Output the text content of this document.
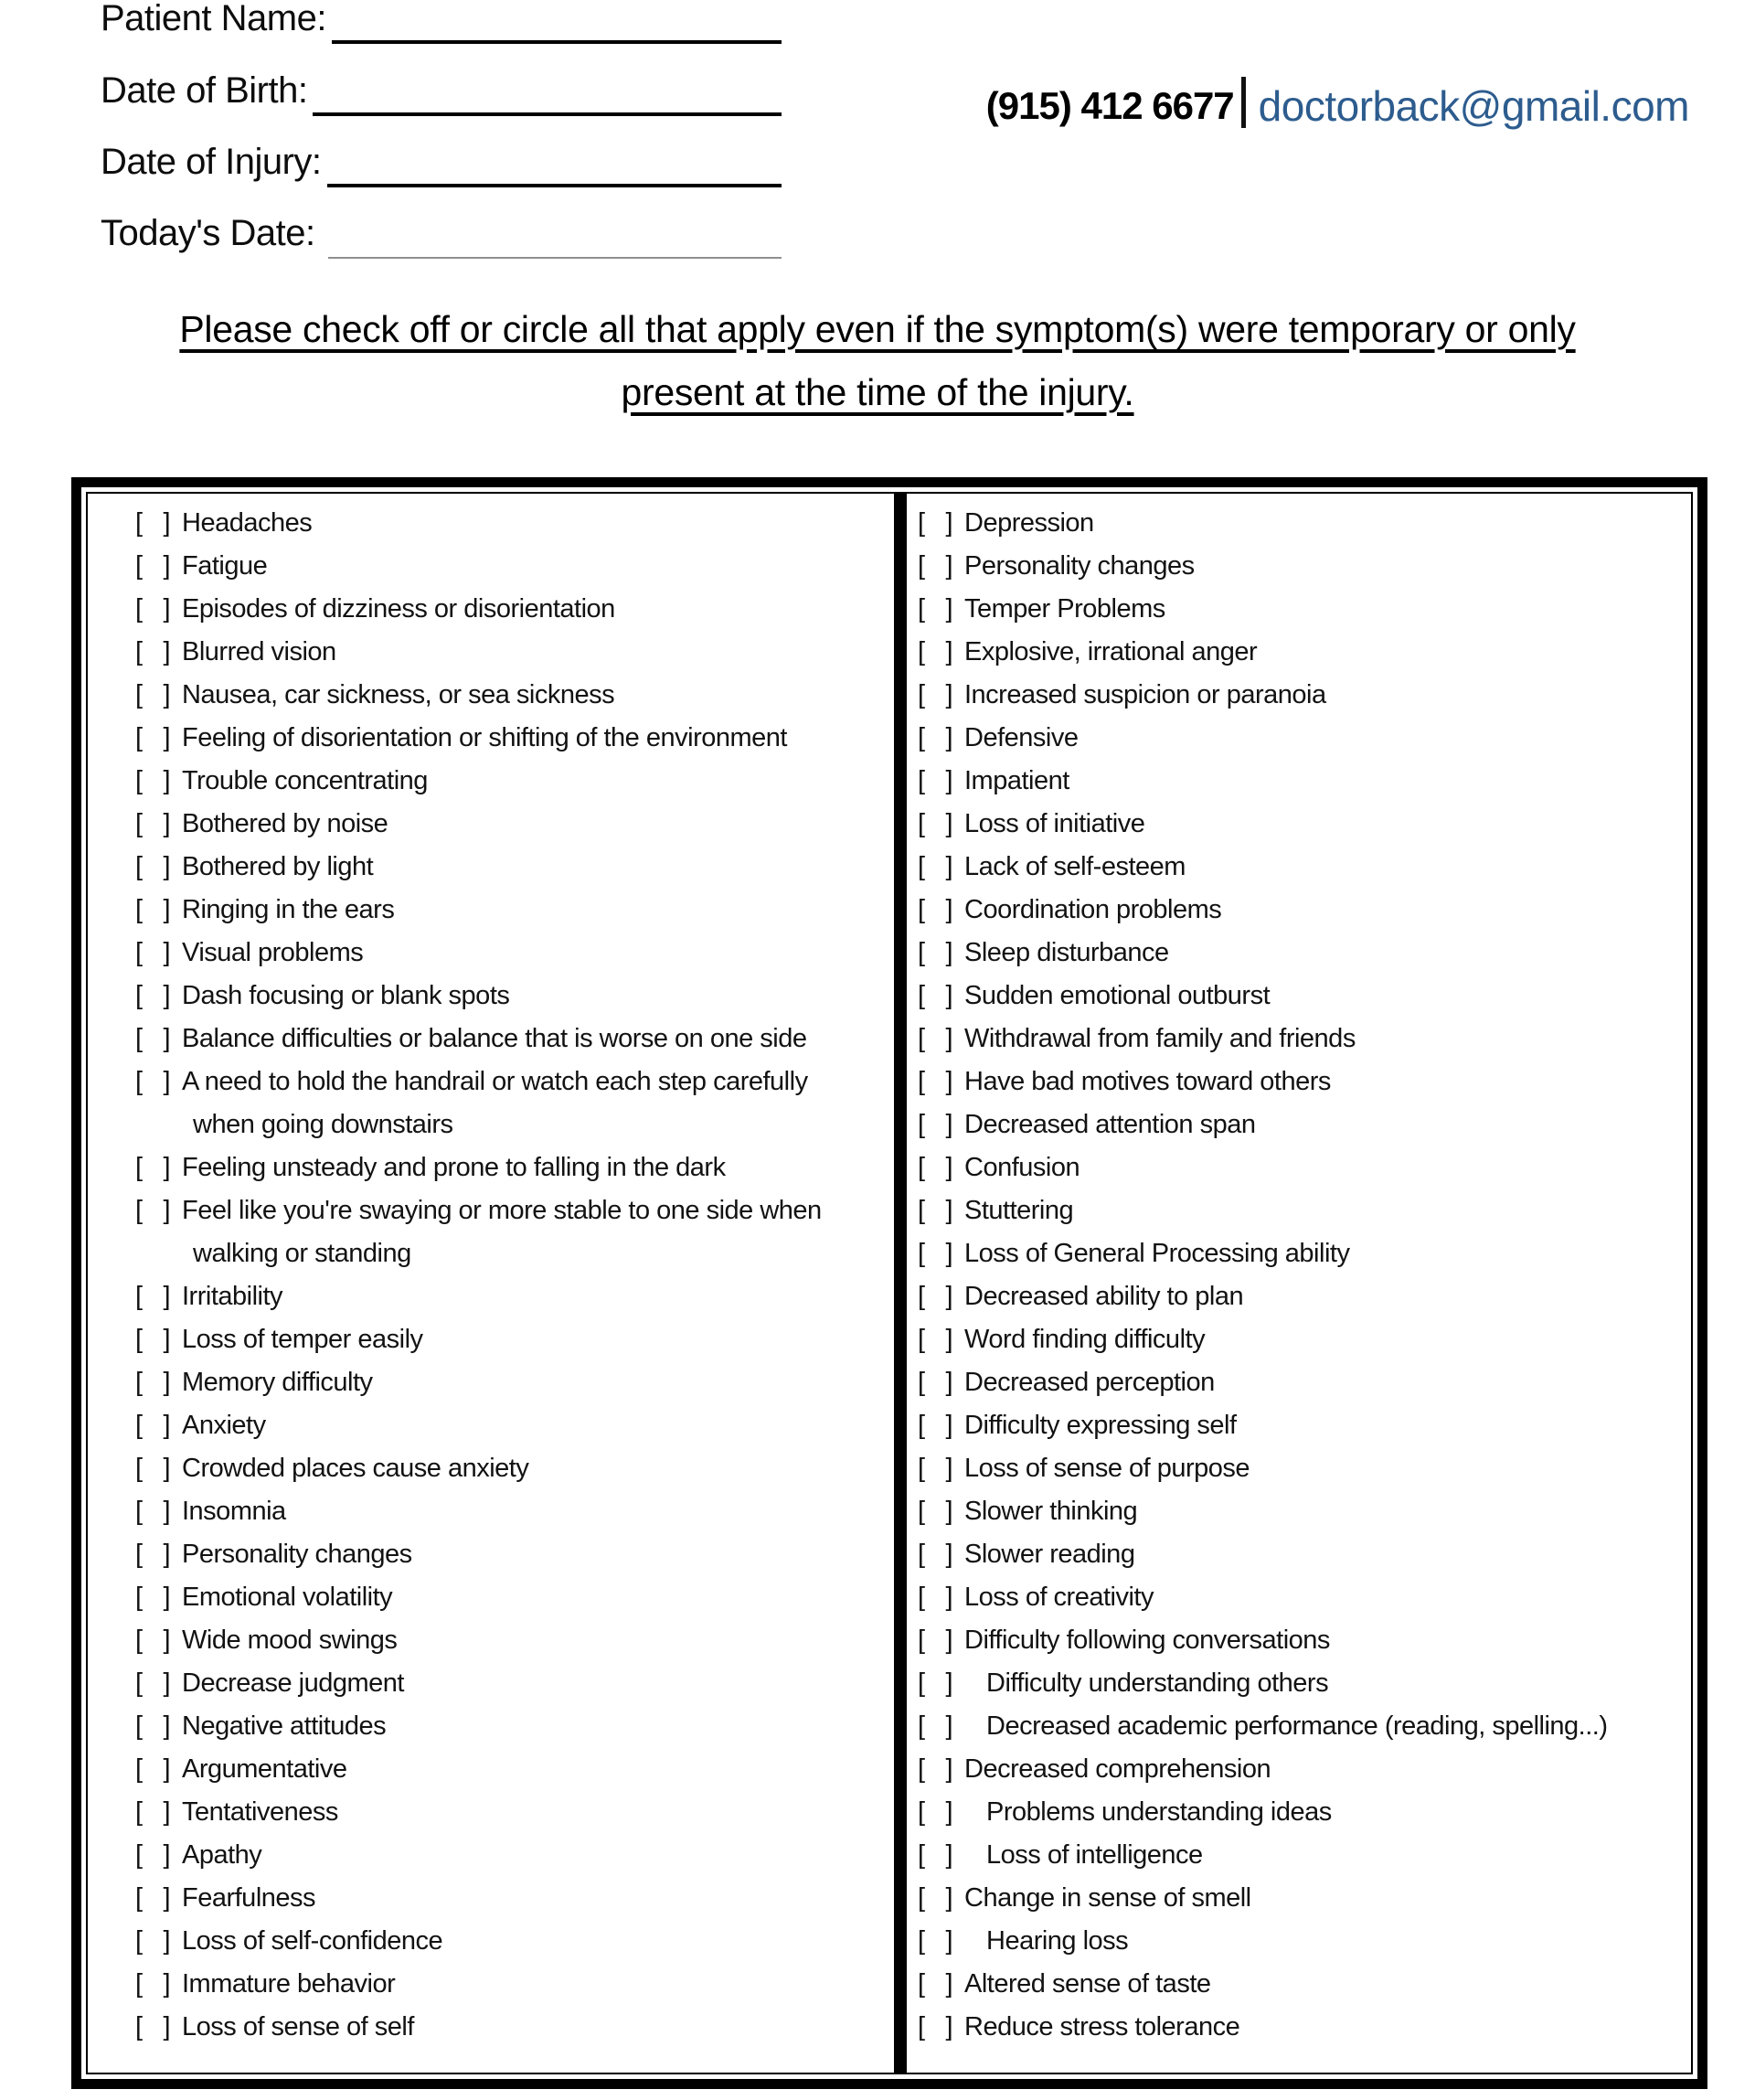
Patient Name:
Date of Birth:
Date of Injury:
Today's Date:
(915) 412 6677 doctorback@gmail.com
Please check off or circle all that apply even if the symptom(s) were temporary or only
present at the time of the injury.
[ ] Headaches
[ ] Fatigue
[ ] Episodes of dizziness or disorientation
[ ] Blurred vision
[ ] Nausea, car sickness, or sea sickness
[ ] Feeling of disorientation or shifting of the environment
[ ] Trouble concentrating
[ ] Bothered by noise
[ ] Bothered by light
[ ] Ringing in the ears
[ ] Visual problems
[ ] Dash focusing or blank spots
[ ] Balance difficulties or balance that is worse on one side
[ ] A need to hold the handrail or watch each step carefully
when going downstairs
[ ] Feeling unsteady and prone to falling in the dark
[ ] Feel like you're swaying or more stable to one side when
walking or standing
[ ] Irritability
[ ] Loss of temper easily
[ ] Memory difficulty
[ ] Anxiety
[ ] Crowded places cause anxiety
[ ] Insomnia
[ ] Personality changes
[ ] Emotional volatility
[ ] Wide mood swings
[ ] Decrease judgment
[ ] Negative attitudes
[ ] Argumentative
[ ] Tentativeness
[ ] Apathy
[ ] Fearfulness
[ ] Loss of self-confidence
[ ] Immature behavior
[ ] Loss of sense of self
[ ] Depression
[ ] Personality changes
[ ] Temper Problems
[ ] Explosive, irrational anger
[ ] Increased suspicion or paranoia
[ ] Defensive
[ ] Impatient
[ ] Loss of initiative
[ ] Lack of self-esteem
[ ] Coordination problems
[ ] Sleep disturbance
[ ] Sudden emotional outburst
[ ] Withdrawal from family and friends
[ ] Have bad motives toward others
[ ] Decreased attention span
[ ] Confusion
[ ] Stuttering
[ ] Loss of General Processing ability
[ ] Decreased ability to plan
[ ] Word finding difficulty
[ ] Decreased perception
[ ] Difficulty expressing self
[ ] Loss of sense of purpose
[ ] Slower thinking
[ ] Slower reading
[ ] Loss of creativity
[ ] Difficulty following conversations
[ ] Difficulty understanding others
[ ] Decreased academic performance (reading, spelling...)
[ ] Decreased comprehension
[ ] Problems understanding ideas
[ ] Loss of intelligence
[ ] Change in sense of smell
[ ] Hearing loss
[ ] Altered sense of taste
[ ] Reduce stress tolerance
